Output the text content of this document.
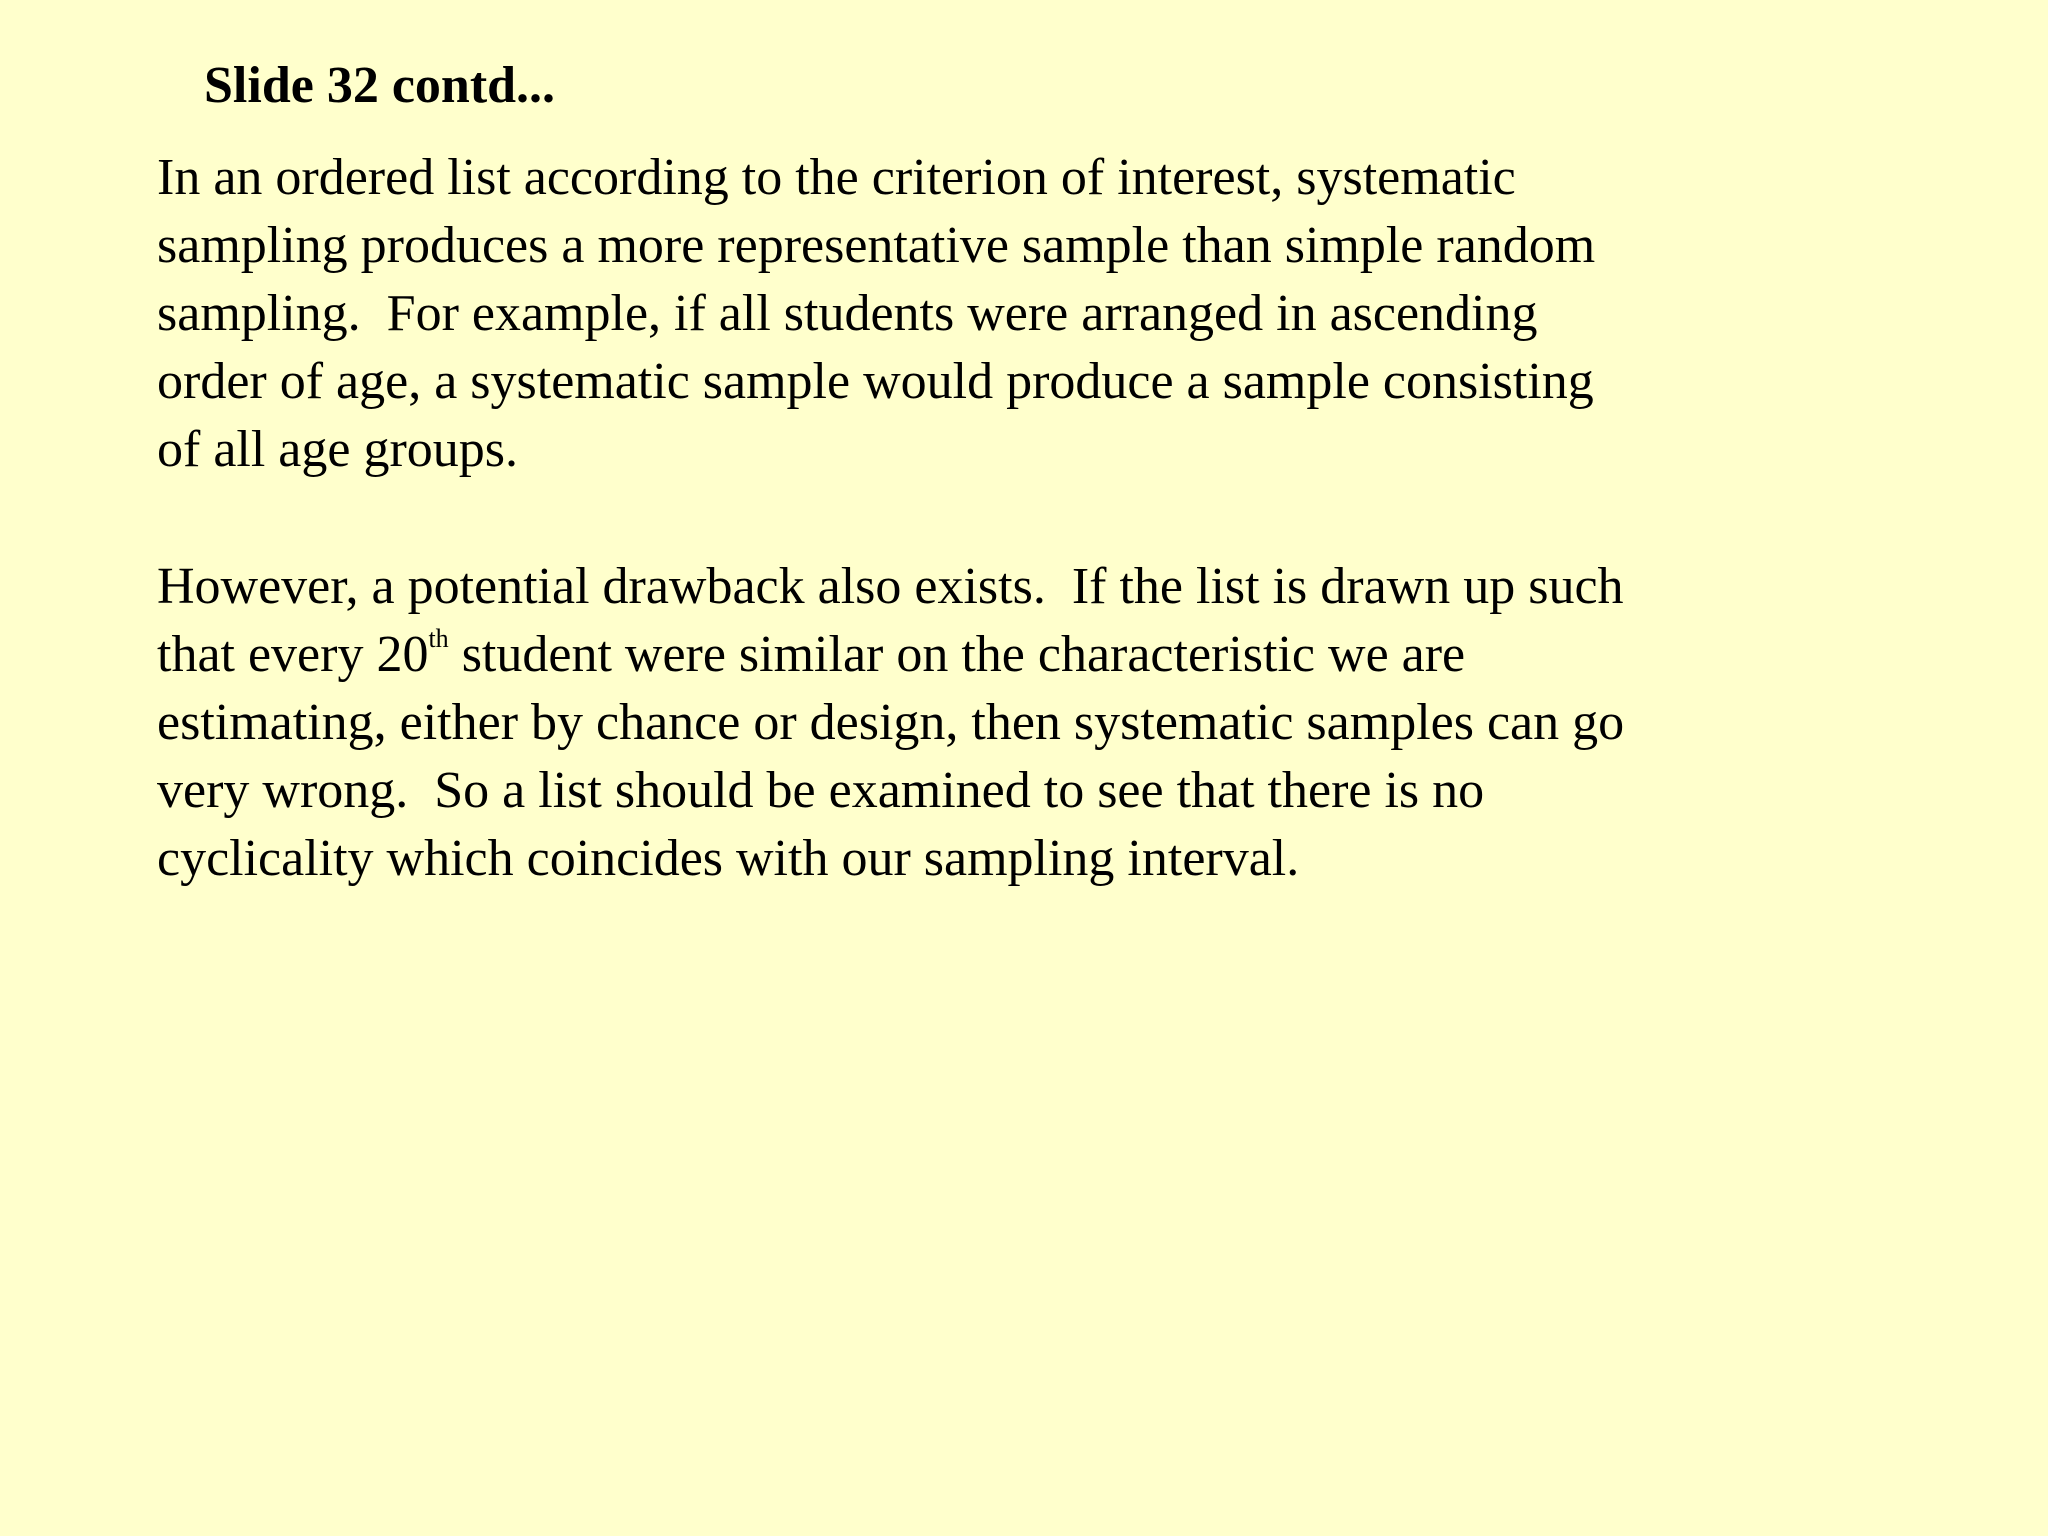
Slide 32 contd...

In an ordered list according to the criterion of interest, systematic
sampling produces a more representative sample than simple random
sampling.  For example, if all students were arranged in ascending
order of age, a systematic sample would produce a sample consisting
of all age groups.

However, a potential drawback also exists.  If the list is drawn up such
that every 20th student were similar on the characteristic we are
estimating, either by chance or design, then systematic samples can go
very wrong.  So a list should be examined to see that there is no
cyclicality which coincides with our sampling interval.
